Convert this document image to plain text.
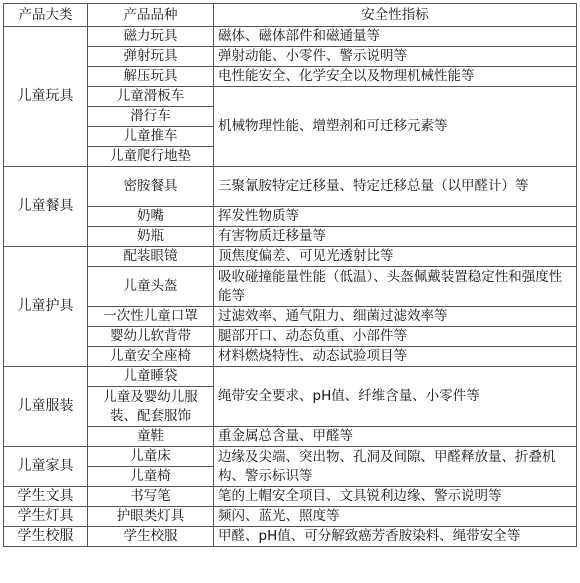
产品大类	产品品种	安全性指标
儿童玩具	磁力玩具	磁体、磁体部件和磁通量等
	弹射玩具	弹射动能、小零件、警示说明等
	解压玩具	电性能安全、化学安全以及物理机械性能等
	儿童滑板车	机械物理性能、增塑剂和可迁移元素等
	滑行车	
	儿童推车	
	儿童爬行地垫	
儿童餐具	密胺餐具	三聚氰胺特定迁移量、特定迁移总量（以甲醛计）等
	奶嘴	挥发性物质等
	奶瓶	有害物质迁移量等
儿童护具	配装眼镜	顶焦度偏差、可见光透射比等
	儿童头盔	吸收碰撞能量性能（低温）、头盔佩戴装置稳定性和强度性能等
	一次性儿童口罩	过滤效率、通气阻力、细菌过滤效率等
	婴幼儿软背带	腿部开口、动态负重、小部件等
	儿童安全座椅	材料燃烧特性、动态试验项目等
儿童服装	儿童睡袋	绳带安全要求、pH值、纤维含量、小零件等
	儿童及婴幼儿服装、配套服饰	
	童鞋	重金属总含量、甲醛等
儿童家具	儿童床	边缘及尖端、突出物、孔洞及间隙、甲醛释放量、折叠机构、警示标识等
	儿童椅	
学生文具	书写笔	笔的上帽安全项目、文具锐利边缘、警示说明等
学生灯具	护眼类灯具	频闪、蓝光、照度等
学生校服	学生校服	甲醛、pH值、可分解致癌芳香胺染料、绳带安全等
